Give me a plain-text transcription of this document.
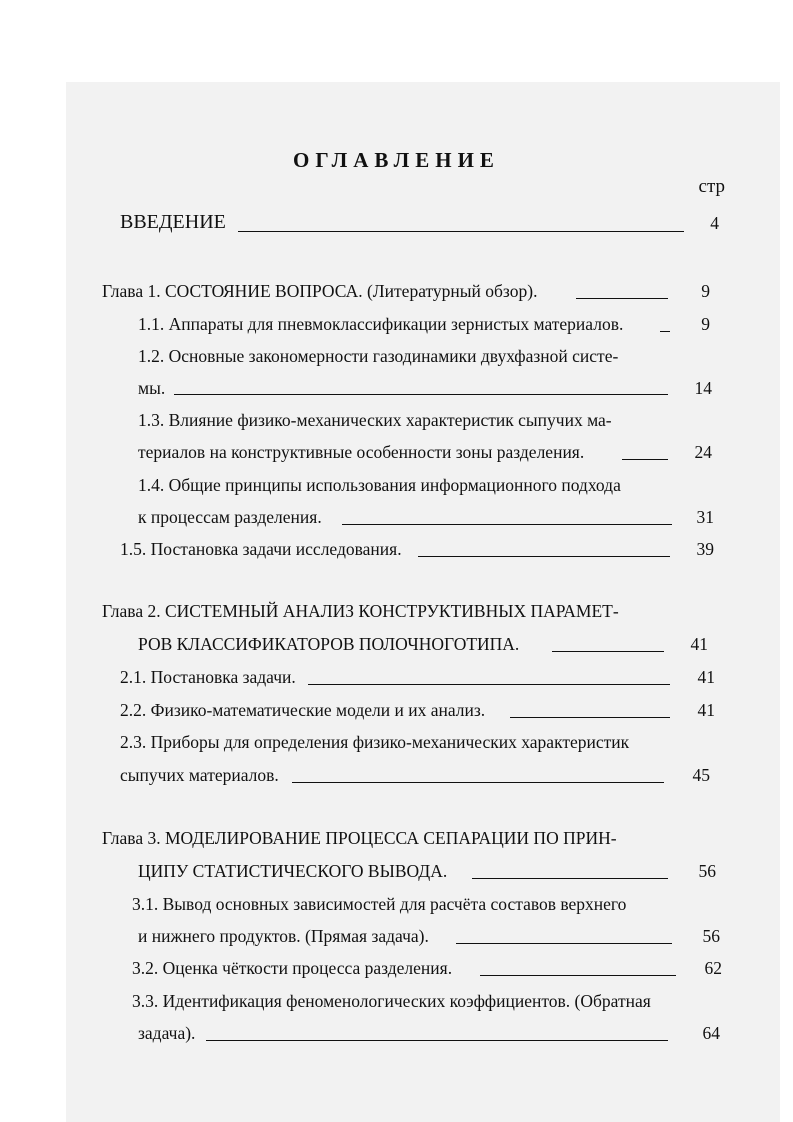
ОГЛАВЛЕНИЕ
стр
ВВЕДЕНИЕ	4
Глава 1. СОСТОЯНИЕ ВОПРОСА. (Литературный обзор).	9
1.1. Аппараты для пневмоклассификации зернистых материалов.	9
1.2. Основные закономерности газодинамики двухфазной систе-
мы.	14
1.3. Влияние физико-механических характеристик сыпучих ма-
териалов на конструктивные особенности зоны разделения.	24
1.4. Общие принципы использования информационного подхода
к процессам разделения.	31
1.5. Постановка задачи исследования.	39
Глава 2. СИСТЕМНЫЙ АНАЛИЗ КОНСТРУКТИВНЫХ ПАРАМЕТ-
РОВ КЛАССИФИКАТОРОВ ПОЛОЧНОГОТИПА.	41
2.1. Постановка задачи.	41
2.2. Физико-математические модели и их анализ.	41
2.3. Приборы для определения физико-механических характеристик
сыпучих материалов.	45
Глава 3. МОДЕЛИРОВАНИЕ ПРОЦЕССА СЕПАРАЦИИ ПО ПРИН-
ЦИПУ СТАТИСТИЧЕСКОГО ВЫВОДА.	56
3.1. Вывод основных зависимостей для расчёта составов верхнего
и нижнего продуктов. (Прямая задача).	56
3.2. Оценка чёткости процесса разделения.	62
3.3. Идентификация феноменологических коэффициентов. (Обратная
задача).	64
